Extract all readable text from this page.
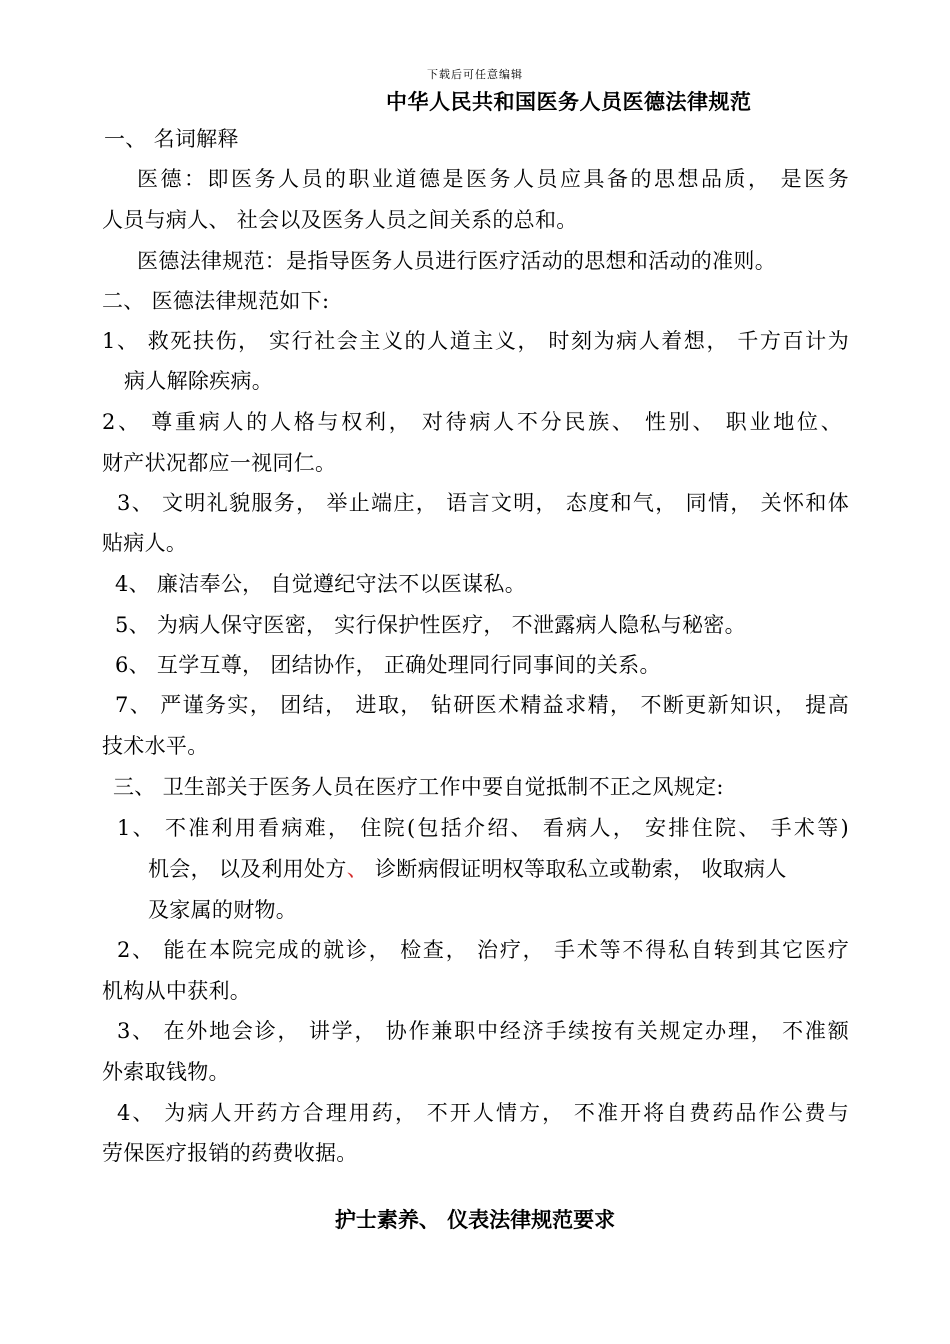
下载后可任意编辑
中华人民共和国医务人员医德法律规范
一、 名词解释
医德：即医务人员的职业道德是医务人员应具备的思想品质， 是医务
人员与病人、 社会以及医务人员之间关系的总和。
医德法律规范：是指导医务人员进行医疗活动的思想和活动的准则。
二、 医德法律规范如下:
1、 救死扶伤， 实行社会主义的人道主义， 时刻为病人着想， 千方百计为
病人解除疾病。
2、 尊重病人的人格与权利， 对待病人不分民族、 性别、 职业地位、
财产状况都应一视同仁。
3、 文明礼貌服务， 举止端庄， 语言文明， 态度和气， 同情， 关怀和体
贴病人。
4、 廉洁奉公， 自觉遵纪守法不以医谋私。
5、 为病人保守医密， 实行保护性医疗， 不泄露病人隐私与秘密。
6、 互学互尊， 团结协作， 正确处理同行同事间的关系。
7、 严谨务实， 团结， 进取， 钻研医术精益求精， 不断更新知识， 提高
技术水平。
三、 卫生部关于医务人员在医疗工作中要自觉抵制不正之风规定:
1、 不准利用看病难， 住院(包括介绍、 看病人， 安排住院、 手术等)
机会， 以及利用处方、 诊断病假证明权等取私立或勒索， 收取病人
及家属的财物。
2、 能在本院完成的就诊， 检查， 治疗， 手术等不得私自转到其它医疗
机构从中获利。
3、 在外地会诊， 讲学， 协作兼职中经济手续按有关规定办理， 不准额
外索取钱物。
4、 为病人开药方合理用药， 不开人情方， 不准开将自费药品作公费与
劳保医疗报销的药费收据。
护士素养、 仪表法律规范要求
